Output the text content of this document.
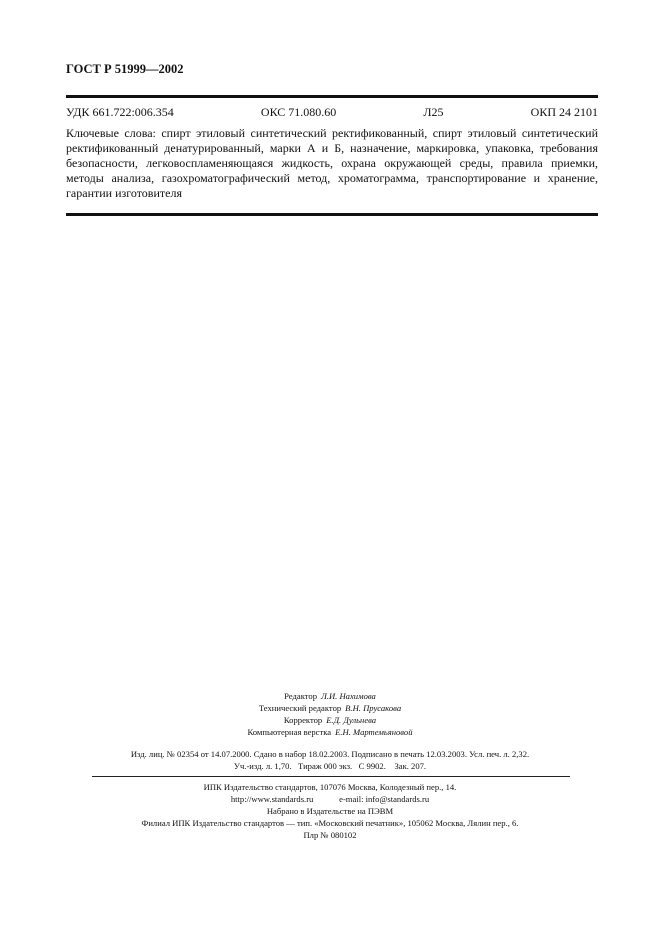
ГОСТ Р 51999—2002
УДК 661.722:006.354	ОКС 71.080.60	Л25	ОКП 24 2101
Ключевые слова: спирт этиловый синтетический ректификованный, спирт этиловый синтетический ректификованный денатурированный, марки А и Б, назначение, маркировка, упаковка, требования безопасности, легковоспламеняющаяся жидкость, охрана окружающей среды, правила приемки, методы анализа, газохроматографический метод, хроматограмма, транспортирование и хранение, гарантии изготовителя
Редактор Л.И. Нахимова
Технический редактор В.Н. Прусакова
Корректор Е.Д. Дульнева
Компьютерная верстка Е.Н. Мартемьяновой
Изд. лиц. № 02354 от 14.07.2000. Сдано в набор 18.02.2003. Подписано в печать 12.03.2003. Усл. печ. л. 2,32.
Уч.-изд. л. 1,70.   Тираж 000 экз.   С 9902.    Зак. 207.
ИПК Издательство стандартов, 107076 Москва, Колодезный пер., 14.
http://www.standards.ru            e-mail: info@standards.ru
Набрано в Издательстве на ПЭВМ
Филиал ИПК Издательство стандартов — тип. «Московский печатник», 105062 Москва, Лялин пер., 6.
Плр № 080102
